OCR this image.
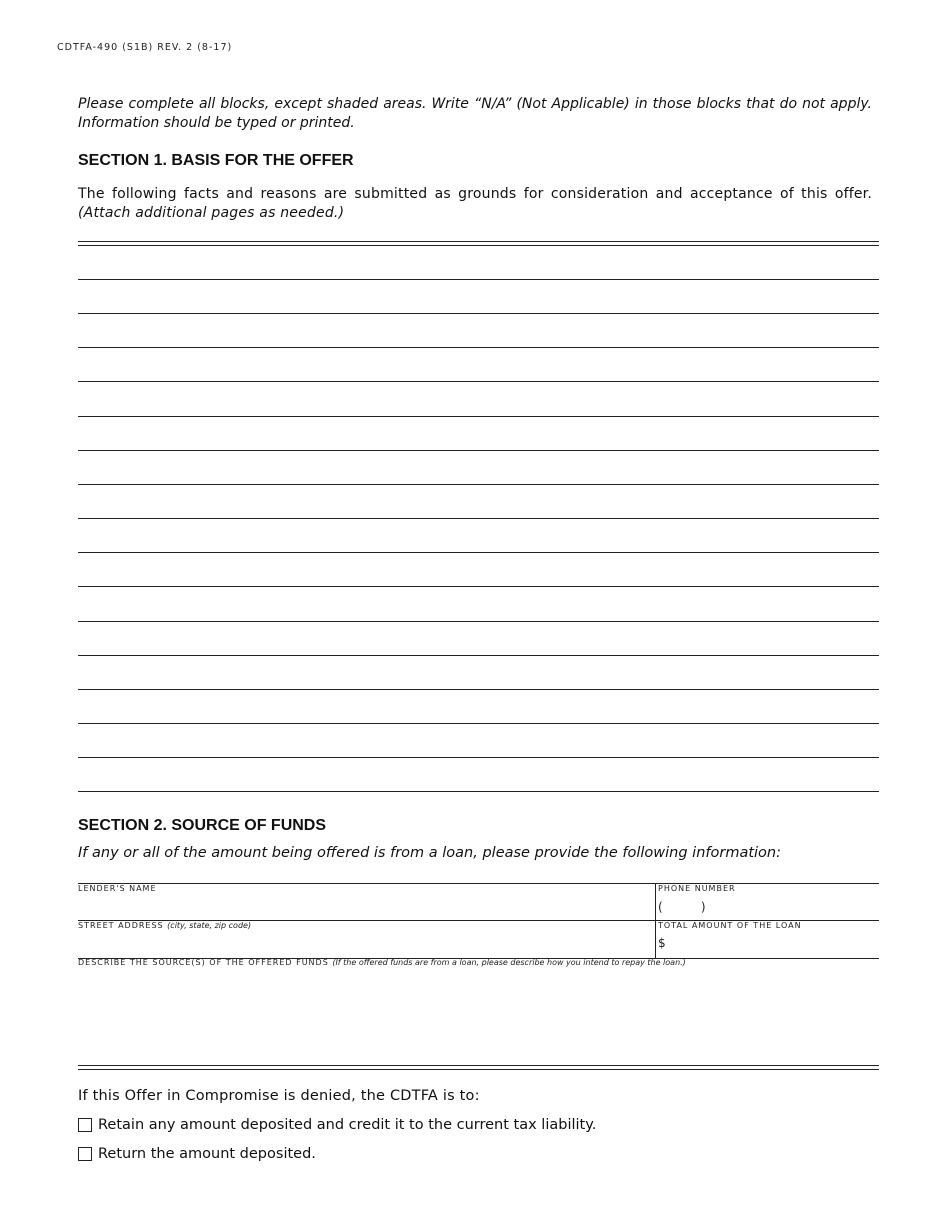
CDTFA-490 (S1B) REV. 2 (8-17)
Please complete all blocks, except shaded areas. Write “N/A” (Not Applicable) in those blocks that do not apply. Information should be typed or printed.
SECTION 1. BASIS FOR THE OFFER
The following facts and reasons are submitted as grounds for consideration and acceptance of this offer. (Attach additional pages as needed.)
SECTION 2. SOURCE OF FUNDS
If any or all of the amount being offered is from a loan, please provide the following information:
LENDER'S NAME	PHONE NUMBER
(          )
STREET ADDRESS (city, state, zip code)	TOTAL AMOUNT OF THE LOAN
$
DESCRIBE THE SOURCE(S) OF THE OFFERED FUNDS (If the offered funds are from a loan, please describe how you intend to repay the loan.)
If this Offer in Compromise is denied, the CDTFA is to:
Retain any amount deposited and credit it to the current tax liability.
Return the amount deposited.
